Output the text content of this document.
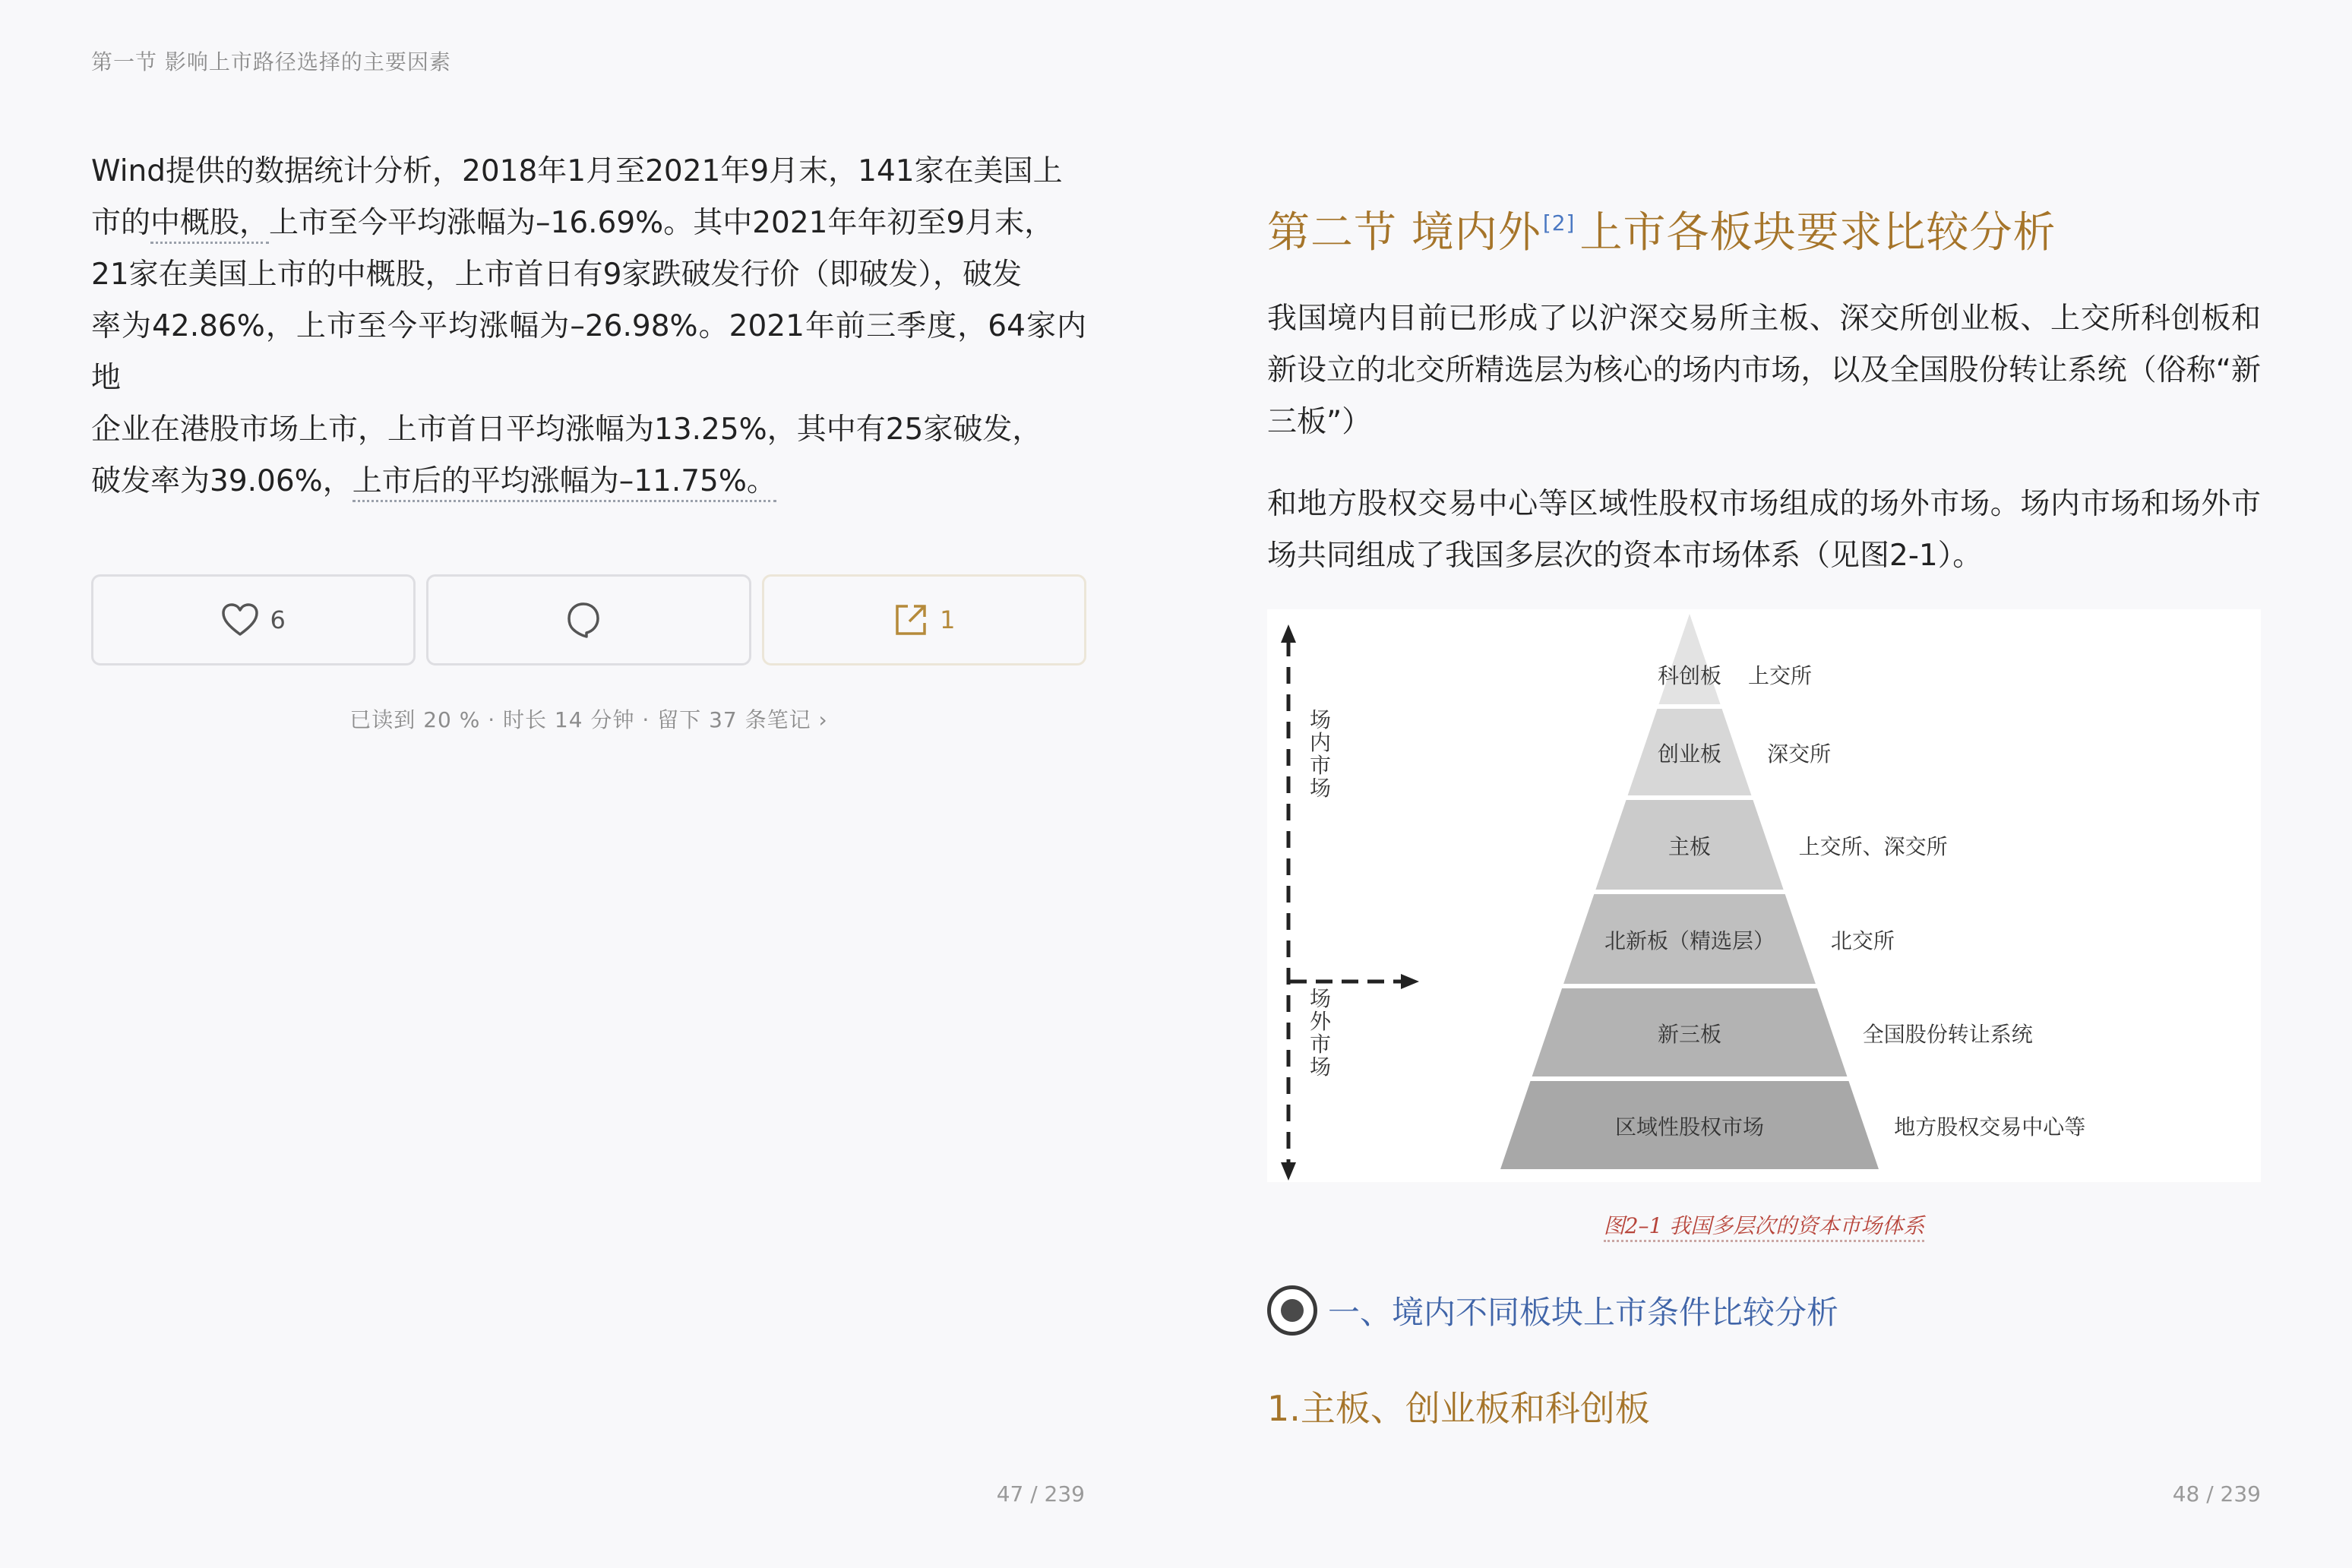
第一节 影响上市路径选择的主要因素
Wind提供的数据统计分析，2018年1月至2021年9月末，141家在美国上
市的中概股，上市至今平均涨幅为–16.69%。其中2021年年初至9月末，
21家在美国上市的中概股，上市首日有9家跌破发行价（即破发），破发
率为42.86%，上市至今平均涨幅为–26.98%。2021年前三季度，64家内地
企业在港股市场上市，上市首日平均涨幅为13.25%，其中有25家破发，
破发率为39.06%，上市后的平均涨幅为–11.75%。
6	1
已读到 20 % · 时长 14 分钟 · 留下 37 条笔记 ›
47 / 239
第二节 境内外[2] 上市各板块要求比较分析
我国境内目前已形成了以沪深交易所主板、深交所创业板、上交所科创板和新设立的北交所精选层为核心的场内市场，以及全国股份转让系统（俗称“新三板”）
和地方股权交易中心等区域性股权市场组成的场外市场。场内市场和场外市场共同组成了我国多层次的资本市场体系（见图2-1）。
场 内 市 场
场 外 市 场
科创板 上交所
创业板 深交所
主板	上交所、深交所
北新板（精选层）	北交所
新三板	全国股份转让系统
区域性股权市场	地方股权交易中心等
图2–1 我国多层次的资本市场体系
一、境内不同板块上市条件比较分析
1.主板、创业板和科创板
48 / 239
